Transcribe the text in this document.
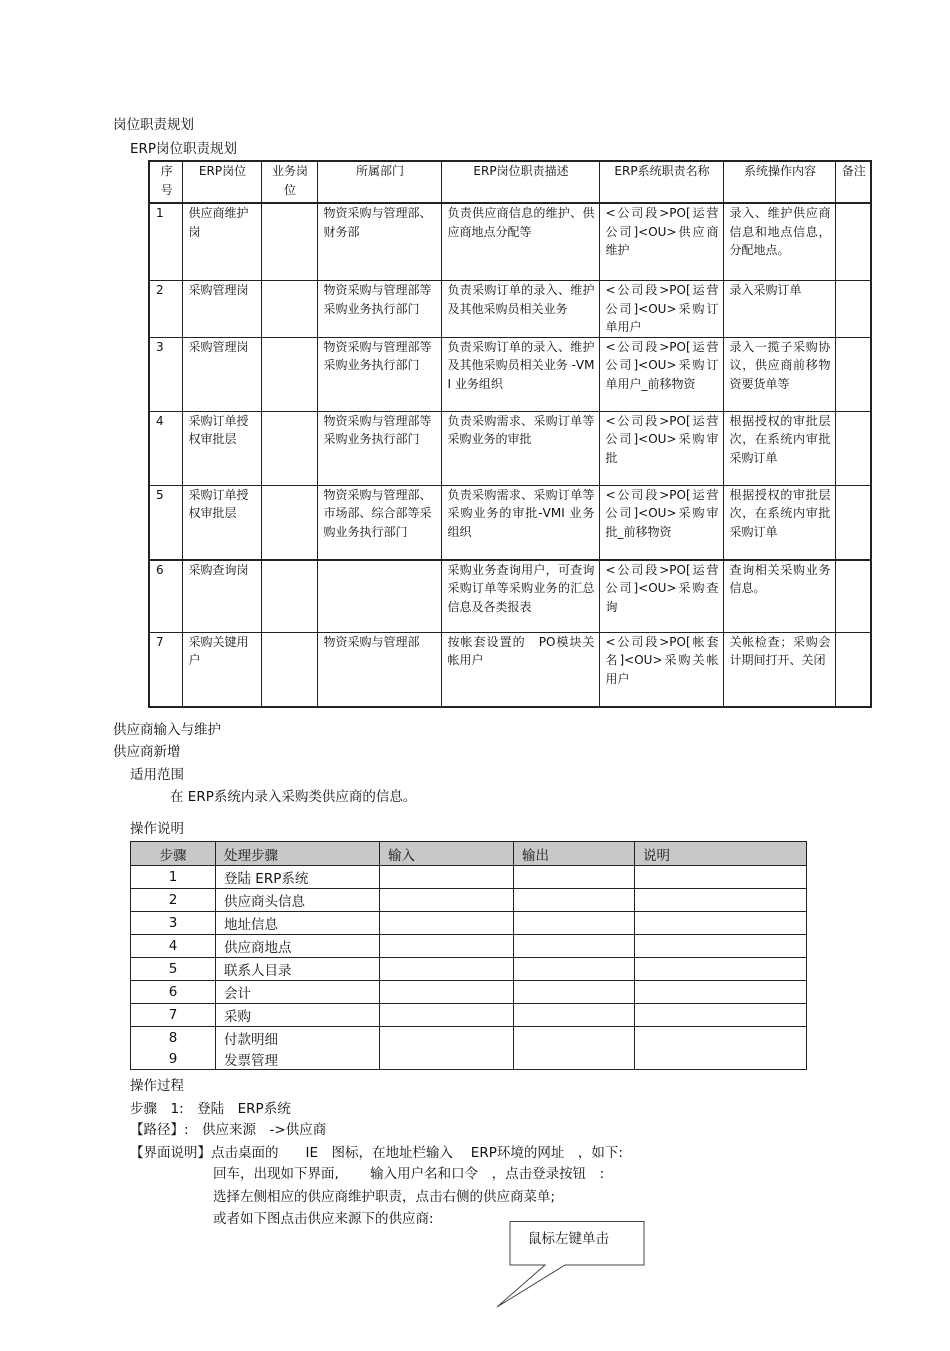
岗位职责规划
ERP岗位职责规划
序号	ERP岗位	业务岗位	所属部门	ERP岗位职责描述	ERP系统职责名称	系统操作内容	备注
1	供应商维护岗		物资采购与管理部、财务部	负责供应商信息的维护、供应商地点分配等	<公司段>PO[运营公司]<OU>供应商维护	录入、维护供应商信息和地点信息，分配地点。	
2	采购管理岗		物资采购与管理部等采购业务执行部门	负责采购订单的录入、维护及其他采购员相关业务	<公司段>PO[运营公司]<OU>采购订单用户	录入采购订单	
3	采购管理岗		物资采购与管理部等采购业务执行部门	负责采购订单的录入、维护及其他采购员相关业务 -VMI 业务组织	<公司段>PO[运营公司]<OU>采购订单用户_前移物资	录入一揽子采购协议，供应商前移物资要货单等	
4	采购订单授权审批层		物资采购与管理部等采购业务执行部门	负责采购需求、采购订单等采购业务的审批	<公司段>PO[运营公司]<OU>采购审批	根据授权的审批层次，在系统内审批采购订单	
5	采购订单授权审批层		物资采购与管理部、市场部、综合部等采购业务执行部门	负责采购需求、采购订单等采购业务的审批-VMI 业务组织	<公司段>PO[运营公司]<OU>采购审批_前移物资	根据授权的审批层次，在系统内审批采购订单	
6	采购查询岗			采购业务查询用户，可查询采购订单等采购业务的汇总信息及各类报表	<公司段>PO[运营公司]<OU>采购查询	查询相关采购业务信息。	
7	采购关键用户		物资采购与管理部	按帐套设置的　PO模块关帐用户	<公司段>PO[帐套名]<OU>采购关帐用户	关帐检查；采购会计期间打开、关闭	
供应商输入与维护
供应商新增
适用范围
在 ERP系统内录入采购类供应商的信息。
操作说明
步骤	处理步骤	输入	输出	说明
1	登陆 ERP系统			
2	供应商头信息			
3	地址信息			
4	供应商地点			
5	联系人目录			
6	会计			
7	采购			
8	付款明细			
9	发票管理			
操作过程
步骤　1:　登陆　ERP系统
【路径】:　供应来源　->供应商
【界面说明】点击桌面的　　IE　图标，在地址栏输入　 ERP环境的网址　，如下:
回车，出现如下界面,　　 输入用户名和口令　，点击登录按钮　:
选择左侧相应的供应商维护职责，点击右侧的供应商菜单;
或者如下图点击供应来源下的供应商:
鼠标左键单击
